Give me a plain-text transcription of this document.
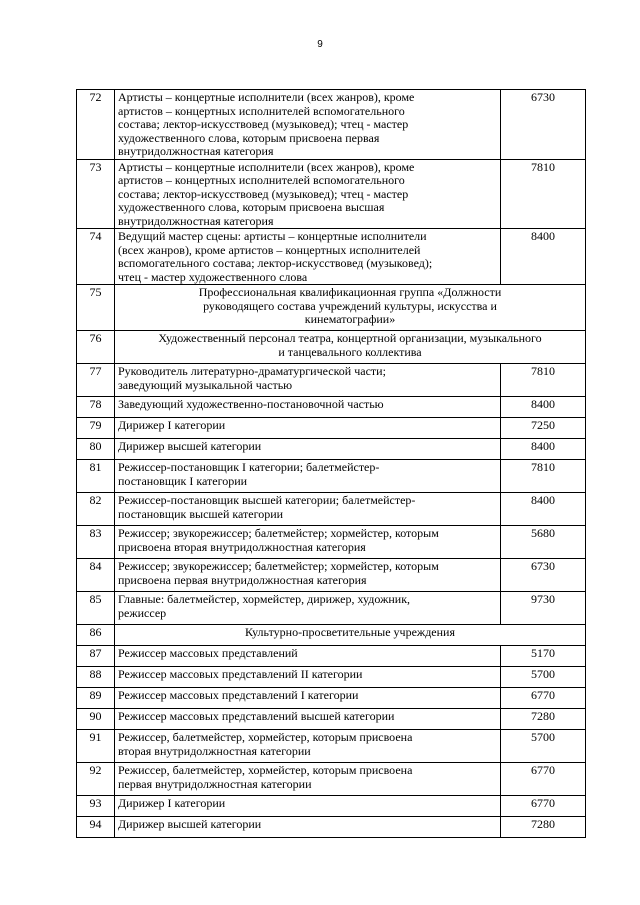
9
72	Артисты – концертные исполнители (всех жанров), кроме
артистов – концертных исполнителей вспомогательного
состава; лектор-искусствовед (музыковед); чтец - мастер
художественного слова, которым присвоена первая
внутридолжностная категория	6730
73	Артисты – концертные исполнители (всех жанров), кроме
артистов – концертных исполнителей вспомогательного
состава; лектор-искусствовед (музыковед); чтец - мастер
художественного слова, которым присвоена высшая
внутридолжностная категория	7810
74	Ведущий мастер сцены: артисты – концертные исполнители
(всех жанров), кроме артистов – концертных исполнителей
вспомогательного состава; лектор-искусствовед (музыковед);
чтец - мастер художественного слова	8400
75	Профессиональная квалификационная группа «Должности
руководящего состава учреждений культуры, искусства и
кинематографии»	
76	Художественный персонал театра, концертной организации, музыкального
и танцевального коллектива	
77	Руководитель литературно-драматургической части;
заведующий музыкальной частью	7810
78	Заведующий художественно-постановочной частью	8400
79	Дирижер I категории	7250
80	Дирижер высшей категории	8400
81	Режиссер-постановщик I категории; балетмейстер-
постановщик I категории	7810
82	Режиссер-постановщик высшей категории; балетмейстер-
постановщик высшей категории	8400
83	Режиссер; звукорежиссер; балетмейстер; хормейстер, которым
присвоена вторая внутридолжностная категория	5680
84	Режиссер; звукорежиссер; балетмейстер; хормейстер, которым
присвоена первая внутридолжностная категория	6730
85	Главные: балетмейстер, хормейстер, дирижер, художник,
режиссер	9730
86	Культурно-просветительные учреждения	
87	Режиссер массовых представлений	5170
88	Режиссер массовых представлений II категории	5700
89	Режиссер массовых представлений I категории	6770
90	Режиссер массовых представлений высшей категории	7280
91	Режиссер, балетмейстер, хормейстер, которым присвоена
вторая внутридолжностная категории	5700
92	Режиссер, балетмейстер, хормейстер, которым присвоена
первая внутридолжностная категории	6770
93	Дирижер I категории	6770
94	Дирижер высшей категории	7280
